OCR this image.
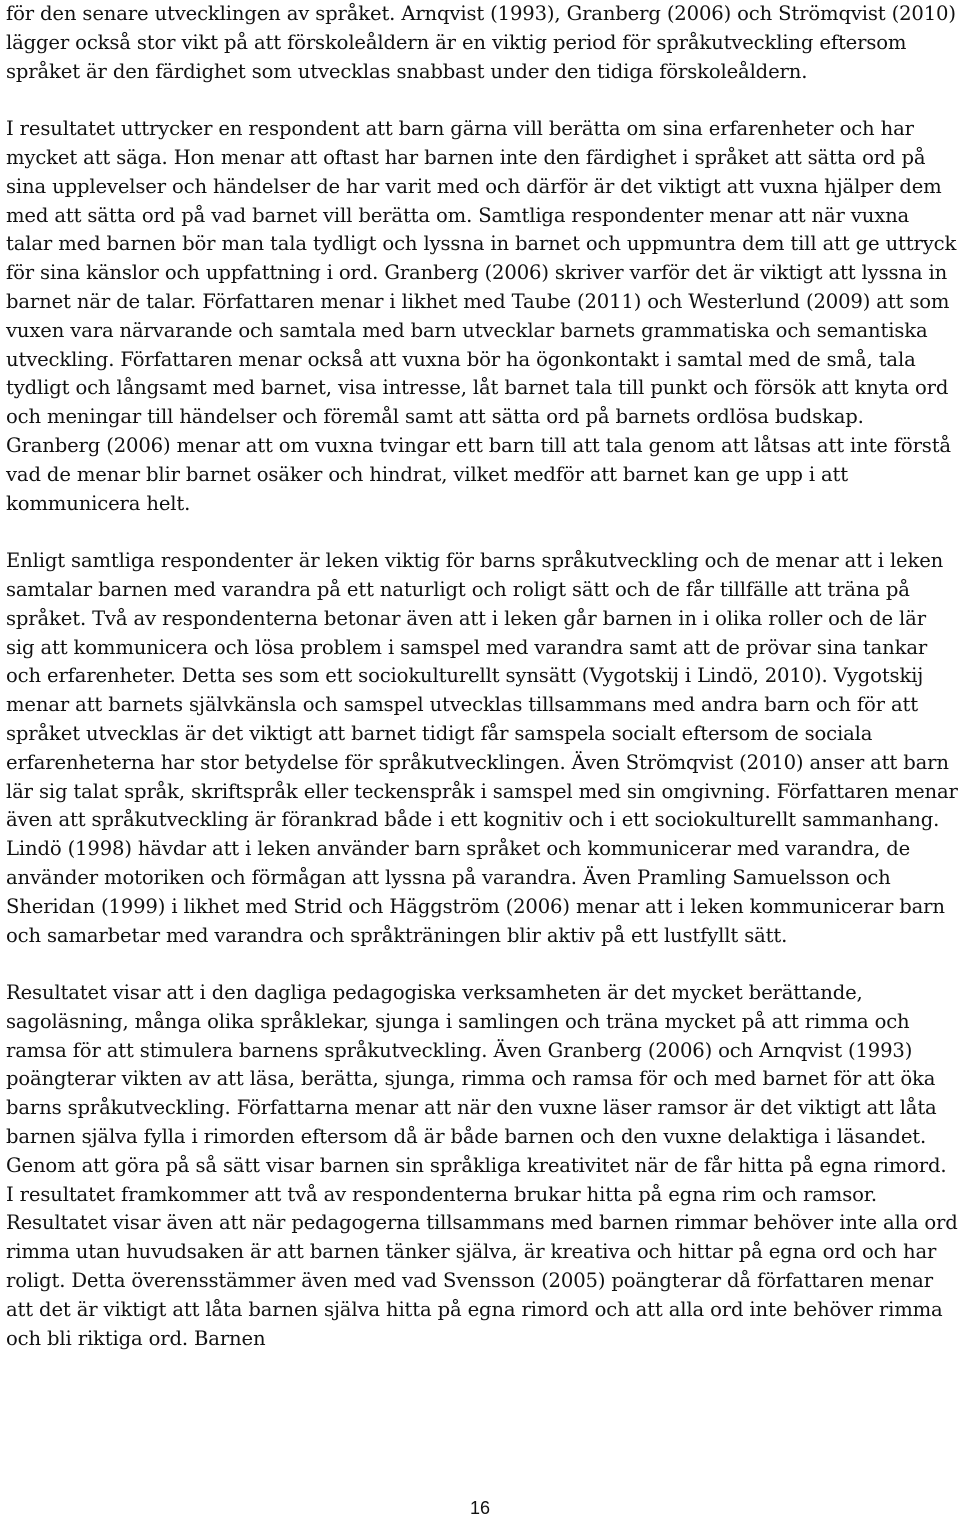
för den senare utvecklingen av språket. Arnqvist (1993), Granberg (2006) och Strömqvist (2010) lägger också stor vikt på att förskoleåldern är en viktig period för språkutveckling eftersom språket är den färdighet som utvecklas snabbast under den tidiga förskoleåldern.

I resultatet uttrycker en respondent att barn gärna vill berätta om sina erfarenheter och har mycket att säga. Hon menar att oftast har barnen inte den färdighet i språket att sätta ord på sina upplevelser och händelser de har varit med och därför är det viktigt att vuxna hjälper dem med att sätta ord på vad barnet vill berätta om. Samtliga respondenter menar att när vuxna talar med barnen bör man tala tydligt och lyssna in barnet och uppmuntra dem till att ge uttryck för sina känslor och uppfattning i ord. Granberg (2006) skriver varför det är viktigt att lyssna in barnet när de talar. Författaren menar i likhet med Taube (2011) och Westerlund (2009) att som vuxen vara närvarande och samtala med barn utvecklar barnets grammatiska och semantiska utveckling. Författaren menar också att vuxna bör ha ögonkontakt i samtal med de små, tala tydligt och långsamt med barnet, visa intresse, låt barnet tala till punkt och försök att knyta ord och meningar till händelser och föremål samt att sätta ord på barnets ordlösa budskap. Granberg (2006) menar att om vuxna tvingar ett barn till att tala genom att låtsas att inte förstå vad de menar blir barnet osäker och hindrat, vilket medför att barnet kan ge upp i att kommunicera helt.

Enligt samtliga respondenter är leken viktig för barns språkutveckling och de menar att i leken samtalar barnen med varandra på ett naturligt och roligt sätt och de får tillfälle att träna på språket. Två av respondenterna betonar även att i leken går barnen in i olika roller och de lär sig att kommunicera och lösa problem i samspel med varandra samt att de prövar sina tankar och erfarenheter. Detta ses som ett sociokulturellt synsätt (Vygotskij i Lindö, 2010). Vygotskij menar att barnets självkänsla och samspel utvecklas tillsammans med andra barn och för att språket utvecklas är det viktigt att barnet tidigt får samspela socialt eftersom de sociala erfarenheterna har stor betydelse för språkutvecklingen. Även Strömqvist (2010) anser att barn lär sig talat språk, skriftspråk eller teckenspråk i samspel med sin omgivning. Författaren menar även att språkutveckling är förankrad både i ett kognitiv och i ett sociokulturellt sammanhang. Lindö (1998) hävdar att i leken använder barn språket och kommunicerar med varandra, de använder motoriken och förmågan att lyssna på varandra. Även Pramling Samuelsson och Sheridan (1999) i likhet med Strid och Häggström (2006) menar att i leken kommunicerar barn och samarbetar med varandra och språkträningen blir aktiv på ett lustfyllt sätt.

Resultatet visar att i den dagliga pedagogiska verksamheten är det mycket berättande, sagoläsning, många olika språklekar, sjunga i samlingen och träna mycket på att rimma och ramsa för att stimulera barnens språkutveckling. Även Granberg (2006) och Arnqvist (1993) poängterar vikten av att läsa, berätta, sjunga, rimma och ramsa för och med barnet för att öka barns språkutveckling. Författarna menar att när den vuxne läser ramsor är det viktigt att låta barnen själva fylla i rimorden eftersom då är både barnen och den vuxne delaktiga i läsandet. Genom att göra på så sätt visar barnen sin språkliga kreativitet när de får hitta på egna rimord. I resultatet framkommer att två av respondenterna brukar hitta på egna rim och ramsor. Resultatet visar även att när pedagogerna tillsammans med barnen rimmar behöver inte alla ord rimma utan huvudsaken är att barnen tänker själva, är kreativa och hittar på egna ord och har roligt. Detta överensstämmer även med vad Svensson (2005) poängterar då författaren menar att det är viktigt att låta barnen själva hitta på egna rimord och att alla ord inte behöver rimma och bli riktiga ord. Barnen

16
